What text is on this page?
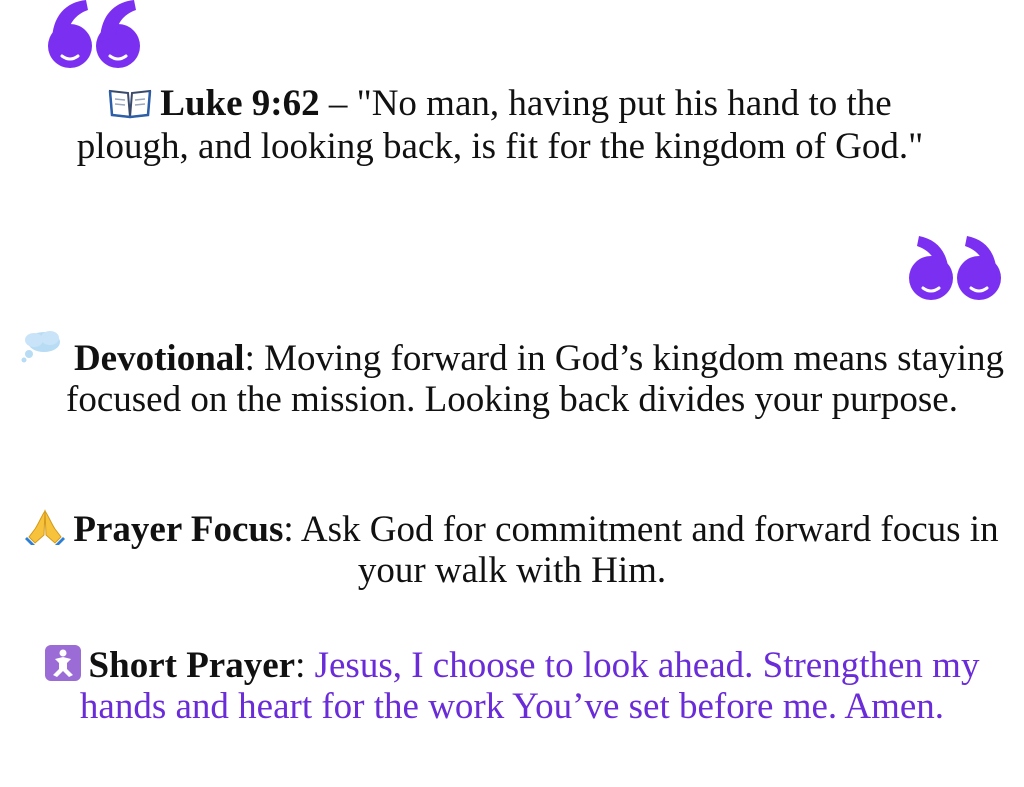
Luke 9:62 – "No man, having put his hand to the plough, and looking back, is fit for the kingdom of God."
Devotional: Moving forward in God’s kingdom means staying focused on the mission. Looking back divides your purpose.
Prayer Focus: Ask God for commitment and forward focus in your walk with Him.
Short Prayer: Jesus, I choose to look ahead. Strengthen my hands and heart for the work You’ve set before me. Amen.
